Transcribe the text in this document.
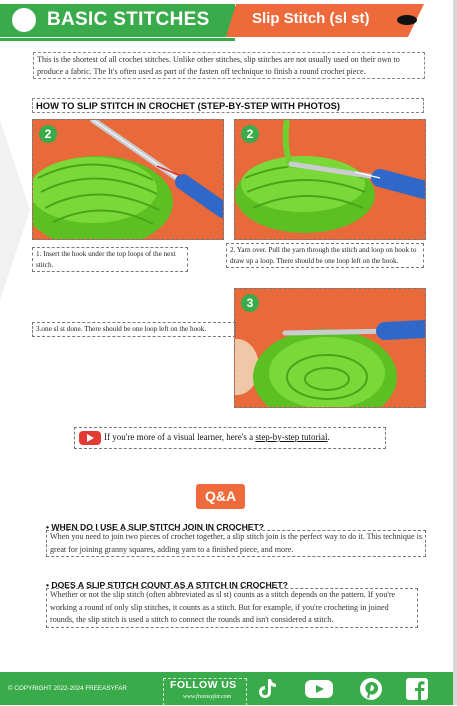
BASIC STITCHES	Slip Stitch (sl st)
This is the shortest of all crochet stitches. Unlike other stitches, slip stitches are not usually used on their own to produce a fabric. The It's often used as part of the fasten off technique to finish a round crochet piece.
HOW TO SLIP STITCH IN CROCHET (STEP-BY-STEP WITH PHOTOS)
2	2
1. Insert the hook under the top loops of the next stitch.
2. Yarn over. Pull the yarn through the stitch and loop on hook to draw up a loop. There should be one loop left on the hook.
3
3.one sl st done. There should be one loop left on the hook.
If you're more of a visual learner, here's a step-by-step tutorial.
Q&A
• WHEN DO I USE A SLIP STITCH JOIN IN CROCHET?
When you need to join two pieces of crochet together, a slip stitch join is the perfect way to do it. This technique is great for joining granny squares, adding yarn to a finished piece, and more.
• DOES A SLIP STITCH COUNT AS A STITCH IN CROCHET?
Whether or not the slip stitch (often abbreviated as sl st) counts as a stitch depends on the pattern. If you're working a round of only slip stitches, it counts as a stitch. But for example, if you're crocheting in joined rounds, the slip stitch is used a stitch to connect the rounds and isn't considered a stitch.
© COPYRIGHT 2022-2024 FREEASYFAR	FOLLOW US
www.freeasyfar.com
